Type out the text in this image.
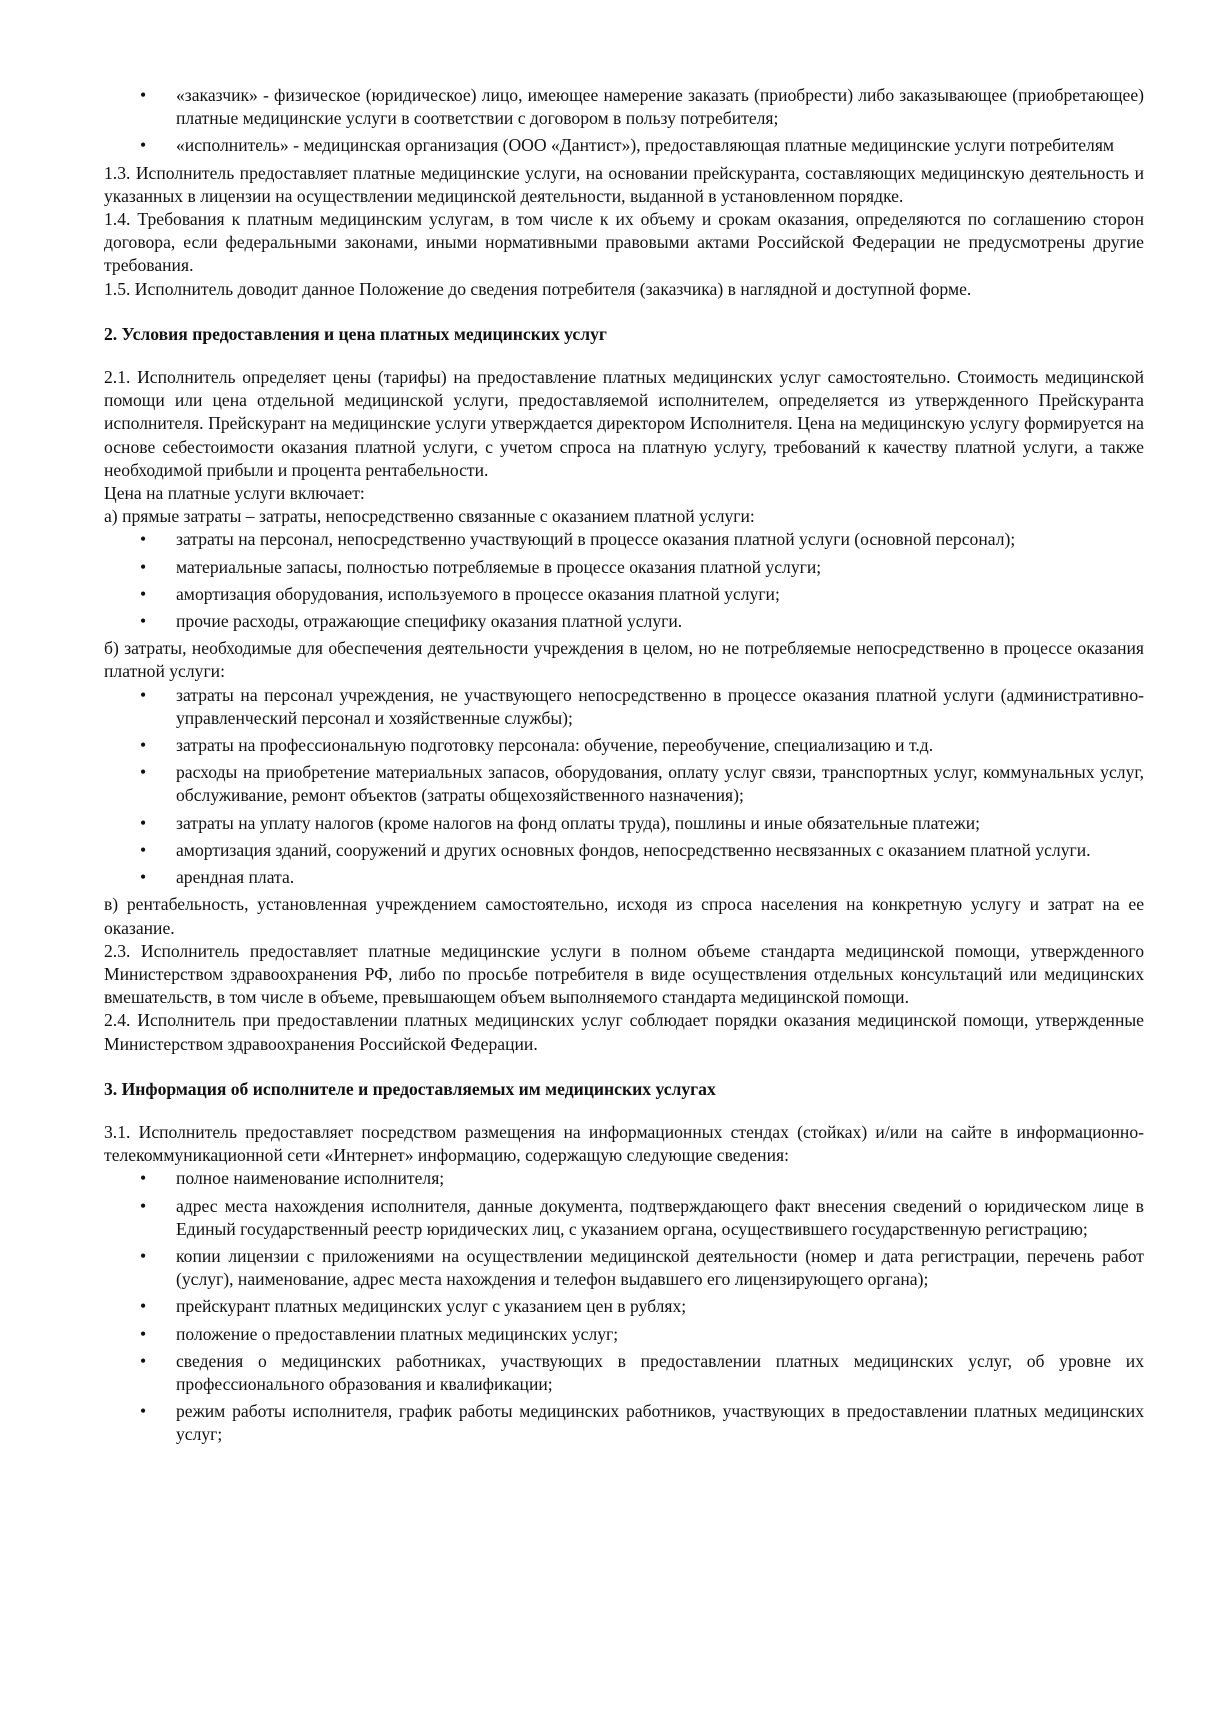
• «заказчик» - физическое (юридическое) лицо, имеющее намерение заказать (приобрести) либо заказывающее (приобретающее) платные медицинские услуги в соответствии с договором в пользу потребителя;
• «исполнитель» - медицинская организация (ООО «Дантист»), предоставляющая платные медицинские услуги потребителям

1.3. Исполнитель предоставляет платные медицинские услуги, на основании прейскуранта, составляющих медицинскую деятельность и указанных в лицензии на осуществлении медицинской деятельности, выданной в установленном порядке.

1.4. Требования к платным медицинским услугам, в том числе к их объему и срокам оказания, определяются по соглашению сторон договора, если федеральными законами, иными нормативными правовыми актами Российской Федерации не предусмотрены другие требования.

1.5. Исполнитель доводит данное Положение до сведения потребителя (заказчика) в наглядной и доступной форме.

2. Условия предоставления и цена платных медицинских услуг

2.1. Исполнитель определяет цены (тарифы) на предоставление платных медицинских услуг самостоятельно. Стоимость медицинской помощи или цена отдельной медицинской услуги, предоставляемой исполнителем, определяется из утвержденного Прейскуранта исполнителя. Прейскурант на медицинские услуги утверждается директором Исполнителя. Цена на медицинскую услугу формируется на основе себестоимости оказания платной услуги, с учетом спроса на платную услугу, требований к качеству платной услуги, а также необходимой прибыли и процента рентабельности.

Цена на платные услуги включает:

а) прямые затраты – затраты, непосредственно связанные с оказанием платной услуги:

• затраты на персонал, непосредственно участвующий в процессе оказания платной услуги (основной персонал);
• материальные запасы, полностью потребляемые в процессе оказания платной услуги;
• амортизация оборудования, используемого в процессе оказания платной услуги;
• прочие расходы, отражающие специфику оказания платной услуги.

б) затраты, необходимые для обеспечения деятельности учреждения в целом, но не потребляемые непосредственно в процессе оказания платной услуги:

• затраты на персонал учреждения, не участвующего непосредственно в процессе оказания платной услуги (административно-управленческий персонал и хозяйственные службы);
• затраты на профессиональную подготовку персонала: обучение, переобучение, специализацию и т.д.
• расходы на приобретение материальных запасов, оборудования, оплату услуг связи, транспортных услуг, коммунальных услуг, обслуживание, ремонт объектов (затраты общехозяйственного назначения);
• затраты на уплату налогов (кроме налогов на фонд оплаты труда), пошлины и иные обязательные платежи;
• амортизация зданий, сооружений и других основных фондов, непосредственно несвязанных с оказанием платной услуги.
• арендная плата.

в) рентабельность, установленная учреждением самостоятельно, исходя из спроса населения на конкретную услугу и затрат на ее оказание.

2.3. Исполнитель предоставляет платные медицинские услуги в полном объеме стандарта медицинской помощи, утвержденного Министерством здравоохранения РФ, либо по просьбе потребителя в виде осуществления отдельных консультаций или медицинских вмешательств, в том числе в объеме, превышающем объем выполняемого стандарта медицинской помощи.

2.4. Исполнитель при предоставлении платных медицинских услуг соблюдает порядки оказания медицинской помощи, утвержденные Министерством здравоохранения Российской Федерации.

3. Информация об исполнителе и предоставляемых им медицинских услугах

3.1. Исполнитель предоставляет посредством размещения на информационных стендах (стойках) и/или на сайте в информационно-телекоммуникационной сети «Интернет» информацию, содержащую следующие сведения:

• полное наименование исполнителя;
• адрес места нахождения исполнителя, данные документа, подтверждающего факт внесения сведений о юридическом лице в Единый государственный реестр юридических лиц, с указанием органа, осуществившего государственную регистрацию;
• копии лицензии с приложениями на осуществлении медицинской деятельности (номер и дата регистрации, перечень работ (услуг), наименование, адрес места нахождения и телефон выдавшего его лицензирующего органа);
• прейскурант платных медицинских услуг с указанием цен в рублях;
• положение о предоставлении платных медицинских услуг;
• сведения о медицинских работниках, участвующих в предоставлении платных медицинских услуг, об уровне их профессионального образования и квалификации;
• режим работы исполнителя, график работы медицинских работников, участвующих в предоставлении платных медицинских услуг;
